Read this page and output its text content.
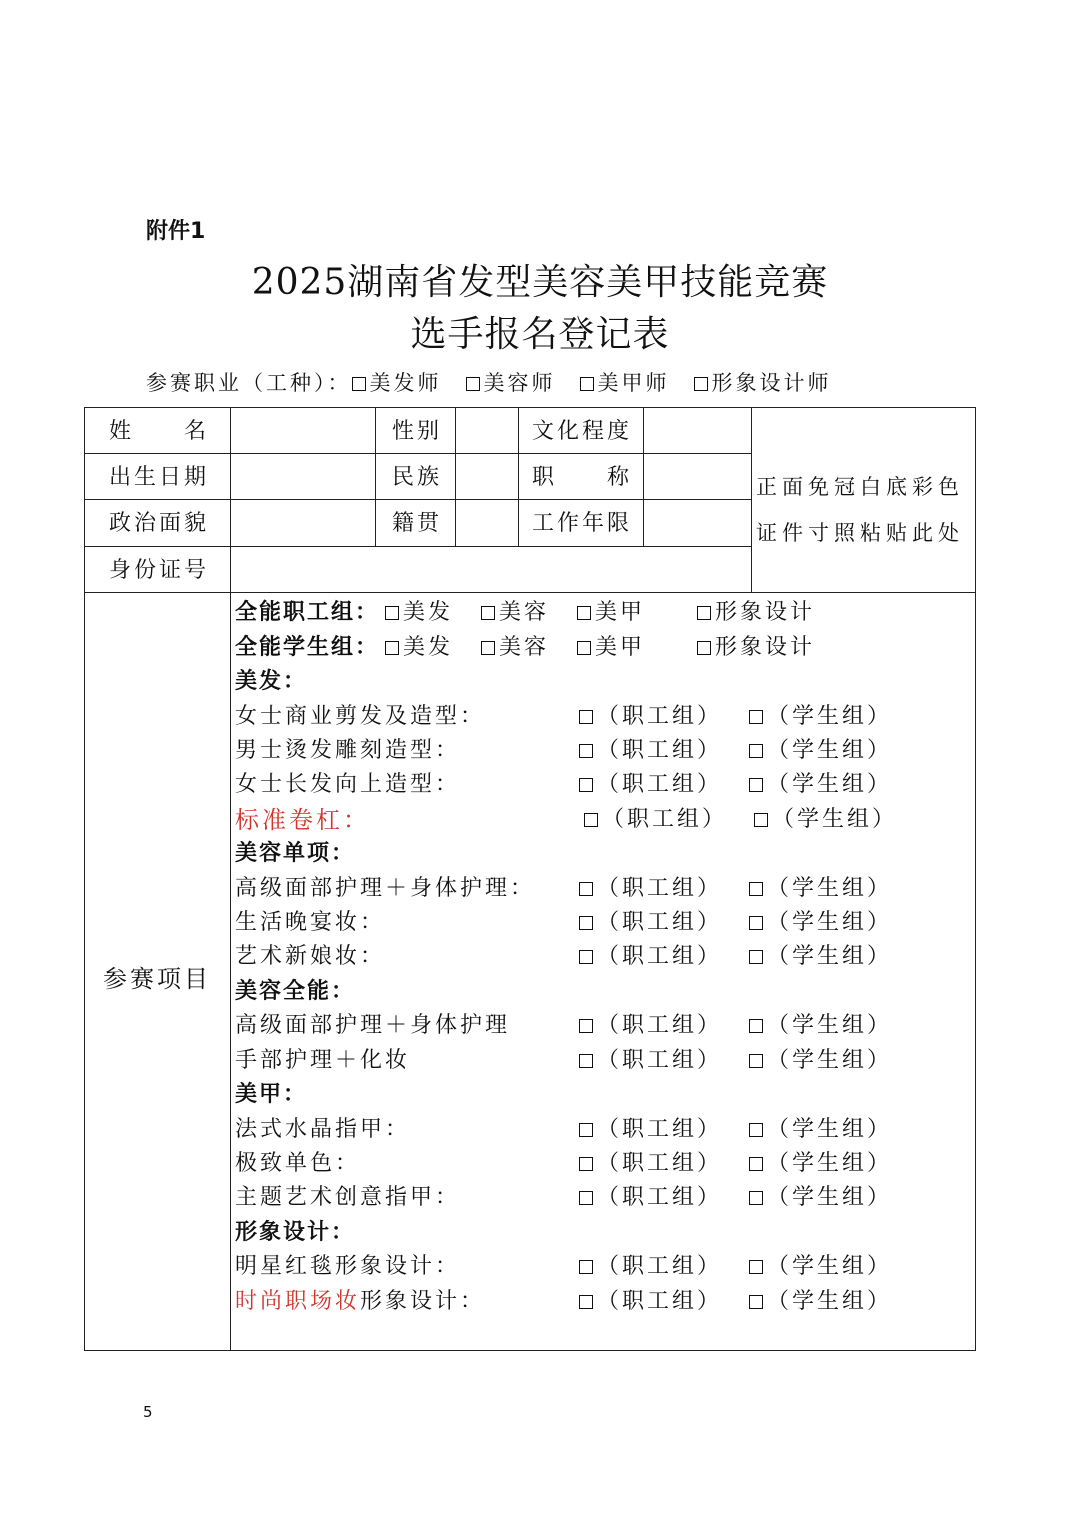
附件1
2025湖南省发型美容美甲技能竞赛
选手报名登记表
参赛职业（工种）： 美发师 美容师 美甲师 形象设计师
姓　　名	性别	文化程度
出生日期	民族	职　　称
政治面貌	籍贯	工作年限
身份证号
正面免冠白底彩色
证件寸照粘贴此处
参赛项目
全能职工组：	美发	美容	美甲	形象设计
全能学生组：	美发	美容	美甲	形象设计
美发：
女士商业剪发及造型：	（职工组）	（学生组）
男士烫发雕刻造型：	（职工组）	（学生组）
女士长发向上造型：	（职工组）	（学生组）
标准卷杠：	（职工组）	（学生组）
美容单项：
高级面部护理＋身体护理：	（职工组）	（学生组）
生活晚宴妆：	（职工组）	（学生组）
艺术新娘妆：	（职工组）	（学生组）
美容全能：
高级面部护理＋身体护理	（职工组）	（学生组）
手部护理＋化妆	（职工组）	（学生组）
美甲：
法式水晶指甲：	（职工组）	（学生组）
极致单色：	（职工组）	（学生组）
主题艺术创意指甲：	（职工组）	（学生组）
形象设计：
明星红毯形象设计：	（职工组）	（学生组）
时尚职场妆形象设计：	（职工组）	（学生组）
5
